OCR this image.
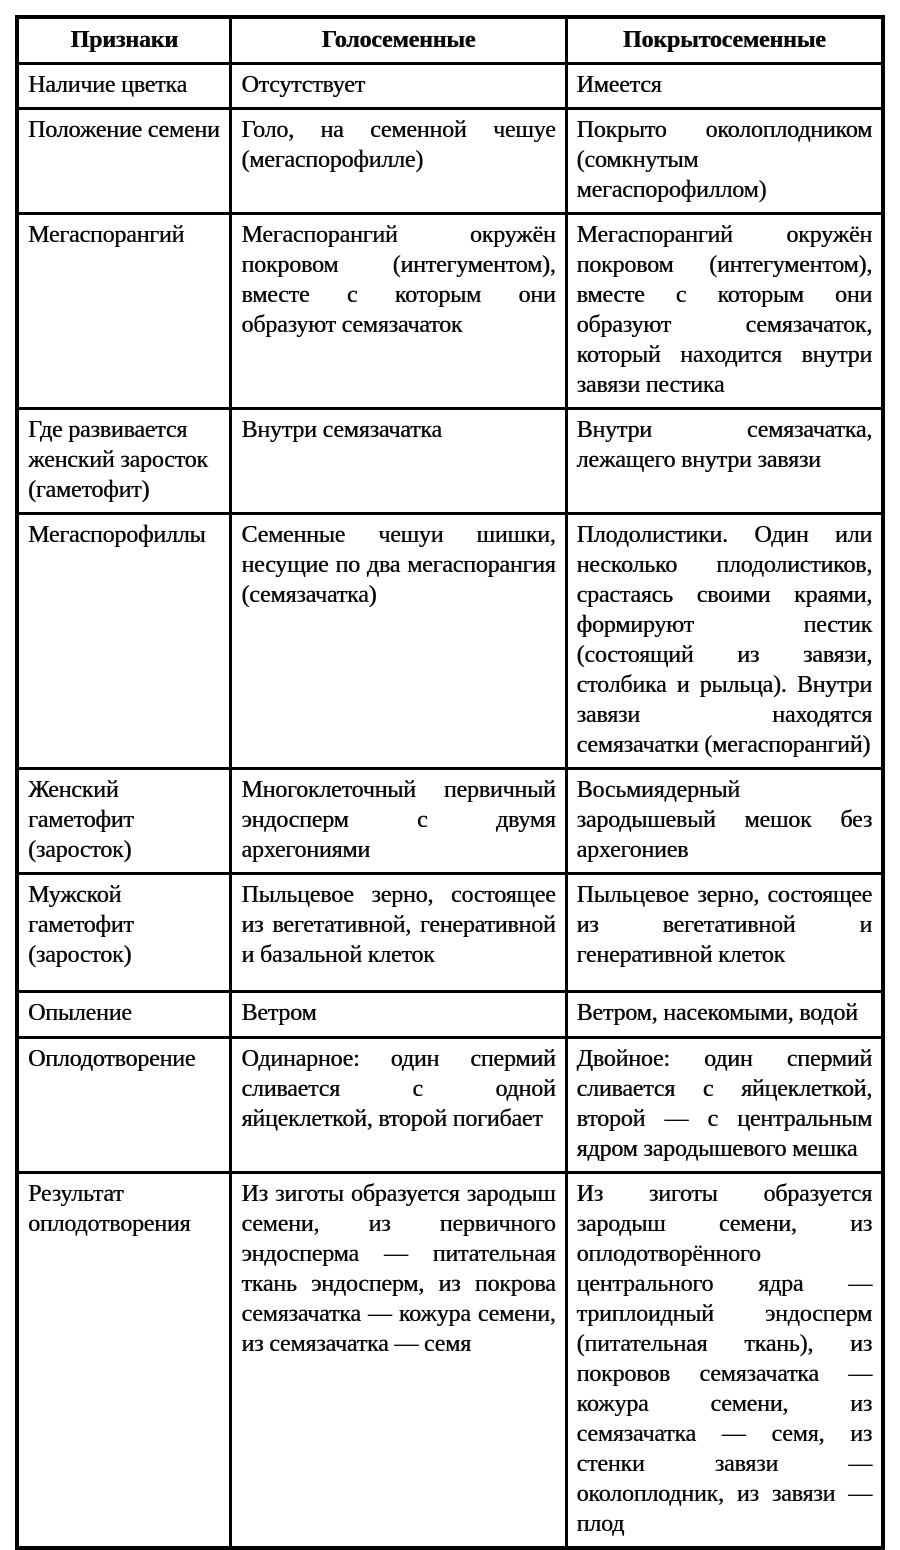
Признаки	Голосеменные	Покрытосеменные
Наличие цветка	Отсутствует	Имеется
Положение семени	Голо, на семенной чешуе (мегаспорофилле)	Покрыто околоплодником (сомкнутым мегаспорофиллом)
Мегаспорангий	Мегаспорангий окружён покровом (интегументом), вместе с которым они образуют семязачаток	Мегаспорангий окружён покровом (интегументом), вместе с которым они образуют семязачаток, который находится внутри завязи пестика
Где развивается женский заросток (гаметофит)	Внутри семязачатка	Внутри семязачатка, лежащего внутри завязи
Мегаспорофиллы	Семенные чешуи шишки, несущие по два мегаспорангия (семязачатка)	Плодолистики. Один или несколько плодолистиков, срастаясь своими краями, формируют пестик (состоящий из завязи, столбика и рыльца). Внутри завязи находятся семязачатки (мегаспорангий)
Женский гаметофит (заросток)	Многоклеточный первичный эндосперм с двумя архегониями	Восьмиядерный зародышевый мешок без архегониев
Мужской гаметофит (заросток)	Пыльцевое зерно, состоящее из вегетативной, генеративной и базальной клеток	Пыльцевое зерно, состоящее из вегетативной и генеративной клеток
Опыление	Ветром	Ветром, насекомыми, водой
Оплодотворение	Одинарное: один спермий сливается с одной яйцеклеткой, второй погибает	Двойное: один спермий сливается с яйцеклеткой, второй — с центральным ядром зародышевого мешка
Результат оплодотворения	Из зиготы образуется зародыш семени, из первичного эндосперма — питательная ткань эндосперм, из покрова семязачатка — кожура семени, из семязачатка — семя	Из зиготы образуется зародыш семени, из оплодотворённого центрального ядра — триплоидный эндосперм (питательная ткань), из покровов семязачатка — кожура семени, из семязачатка — семя, из стенки завязи — околоплодник, из завязи — плод
